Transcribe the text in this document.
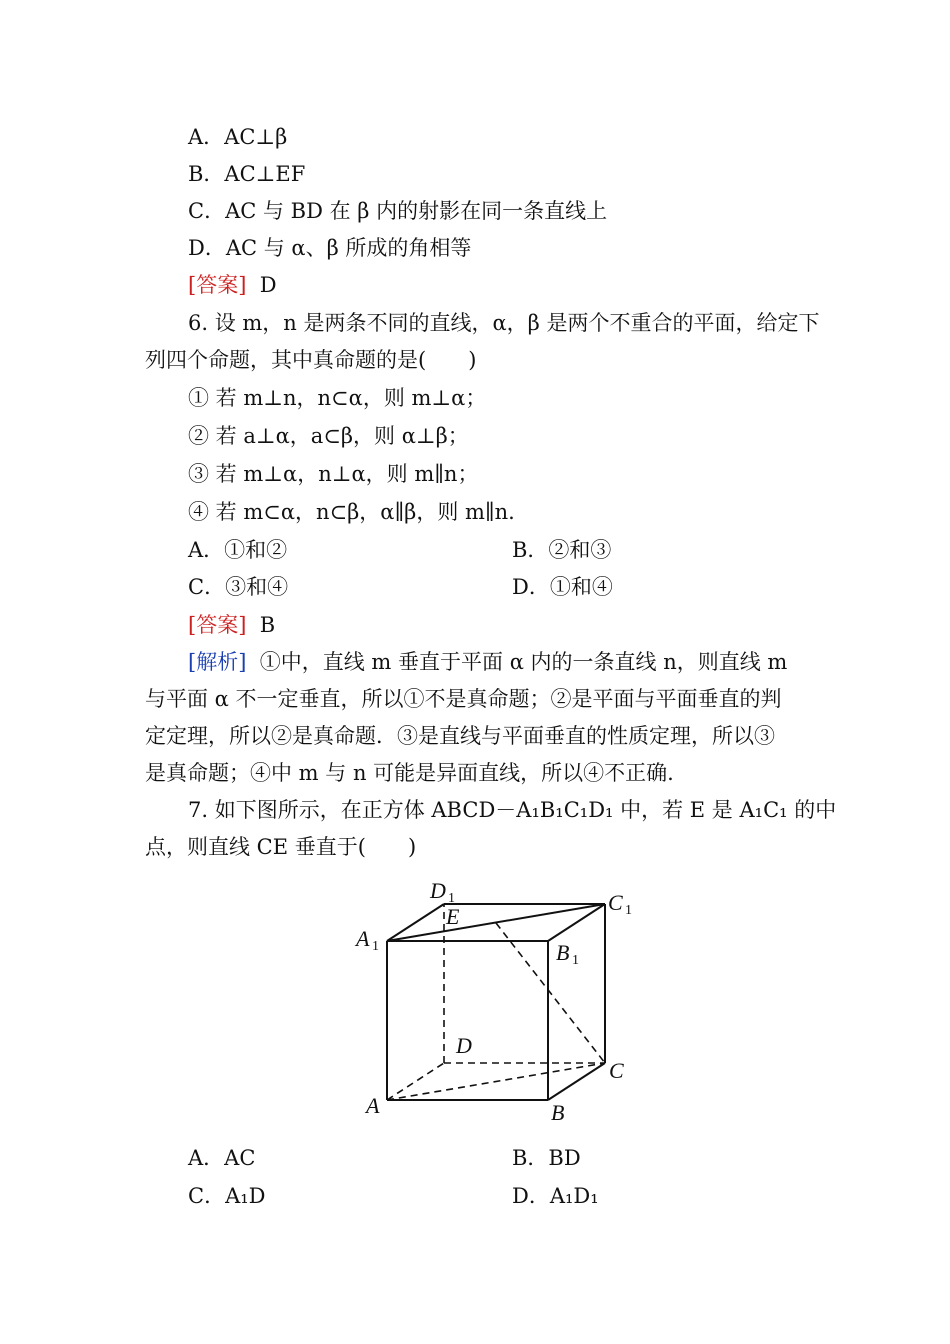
A．AC⊥β
B．AC⊥EF
C．AC 与 BD 在 β 内的射影在同一条直线上
D．AC 与 α、β 所成的角相等
[答案] D
6. 设 m，n 是两条不同的直线，α，β 是两个不重合的平面，给定下
列四个命题，其中真命题的是(　　)
① 若 m⊥n，n⊂α，则 m⊥α；
② 若 a⊥α，a⊂β，则 α⊥β；
③ 若 m⊥α，n⊥α，则 m∥n；
④ 若 m⊂α，n⊂β，α∥β，则 m∥n.
A．①和②	B．②和③
C．③和④	D．①和④
[答案] B
[解析] ①中，直线 m 垂直于平面 α 内的一条直线 n，则直线 m
与平面 α 不一定垂直，所以①不是真命题；②是平面与平面垂直的判
定定理，所以②是真命题．③是直线与平面垂直的性质定理，所以③
是真命题；④中 m 与 n 可能是异面直线，所以④不正确.
7. 如下图所示，在正方体 ABCD－A₁B₁C₁D₁ 中，若 E 是 A₁C₁ 的中
点，则直线 CE 垂直于(　　)
D 1	C 1
E
A 1	B 1
D
C
A	B
A．AC	B．BD
C．A₁D	D．A₁D₁
